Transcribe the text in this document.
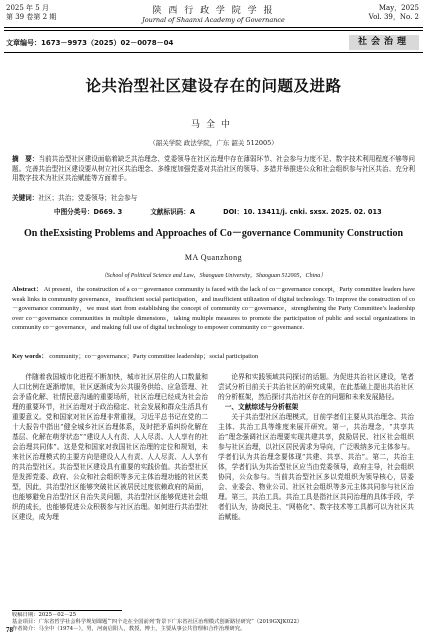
2025 年 5 月
第 39 卷第 2 期
陕 西 行 政 学 院 学 报
Journal of Shaanxi Academy of Governance
May，2025
Vol. 39，No. 2
文章编号：1673－9973（2025）02－0078－04	社会治理
论共治型社区建设存在的问题及进路
马全中
（韶关学院 政法学院，广东 韶关 512005）
摘　要：当前共治型社区建设面临着缺乏共治理念、党委领导在社区治理中存在薄弱环节、社会参与力度不足、数字技术利用程度不够等问题。完善共治型社区建设要从树立社区共治理念、多维度加强党委对共治社区的领导、多措并举推进公众和社会组织参与社区共治、充分利用数字技术为社区共治赋能等方面着手。
关键词：社区；共治；党委领导；社会参与
中图分类号：D669. 3	文献标识码：A	DOI：10. 13411/j. cnki. sxsx. 2025. 02. 013
On theExsisting Problems and Approaches of Co－governance Community Construction
MA Quanzhong
（School of Political Science and Law，Shaoguan University，Shaoguan 512005，China）
Abstract： At present，the construction of a co－governance community is faced with the lack of co－governance concept，Party committee leaders have weak links in community governance，insufficient social participation，and insufficient utilization of digital technology. To improve the construction of co－governance community，we must start from establishing the concept of community co－governance，strengthening the Party Committee’s leadership over co－governance communities in multiple dimensions，taking multiple measures to promote the participation of public and social organizations in community co－governance，and making full use of digital technology to empower community co－governance.
Key words： community；co－governance；Party committee leadership；social participation

伴随着我国城市化进程不断加快，城市社区居住的人口数量和人口比例在逐渐增加，社区逐渐成为公共服务供给、应急管理、社会矛盾化解、社情民意沟通的重要场所，社区治理已经成为社会治理的重要环节，社区治理对于政治稳定、社会发展和群众生活具有重要意义。党和国家对社区治理非常重视，习近平总书记在党的二十大报告中指出“健全城乡社区治理体系，及时把矛盾纠纷化解在基层、化解在萌芽状态”“建设人人有责、人人尽责、人人享有的社会治理共同体”。这是党和国家对我国社区治理的定位和规划，未来社区治理模式的主要方向是建设人人有责、人人尽责、人人享有的共治型社区。共治型社区建设具有重要的实践价值。共治型社区是发挥党委、政府、公众和社会组织等多元主体治理功能的社区类型，因此，共治型社区能够突破社区被居民过度依赖政府的局面，也能够避免自治型社区自治失灵问题，共治型社区能够促进社会组织的成长，也能够促进公众积极参与社区治理。如何进行共治型社区建设，成为理

论界和实践领域共同探讨的话题。为促进共治社区建设，笔者尝试分析目前关于共治社区的研究成果，在此基础上提出共治社区的分析框架，然后探讨共治社区存在的问题和未来发展路径。

一、文献综述与分析框架

关于共治型社区治理模式，目前学者们主要从共治理念、共治主体、共治工具等维度来展开研究。第一，共治理念，“共享共治”理念强调社区治理要实现共建共享，鼓励居民、社区社会组织参与社区治理，以社区居民需求为导向，广泛吸纳多元主体参与。学者们认为共治理念要体现“共建、共享、共治”。第二，共治主体，学者们认为共治型社区应当由党委领导，政府主导，社会组织协同，公众参与。当前共治型社区多以党组织为领导核心，居委会、业委会、物业公司、社区社会组织等多元主体共同参与社区治理。第三，共治工具。共治工具是指社区共同治理的具体手段，学者们认为，协商民主、“网格化”、数字技术等工具都可以为社区共治赋能。

收稿日期：2025－02－25
基金项目：广东省哲学社会科学规划课题“‘四个走在全国前列’背景下广东省社区治理模式创新路径研究”（2019GXJK022）
作者简介：马全中（1974－），男，河南启阳人，教授，博士，主要从事公共管理和合作治理研究。
78
